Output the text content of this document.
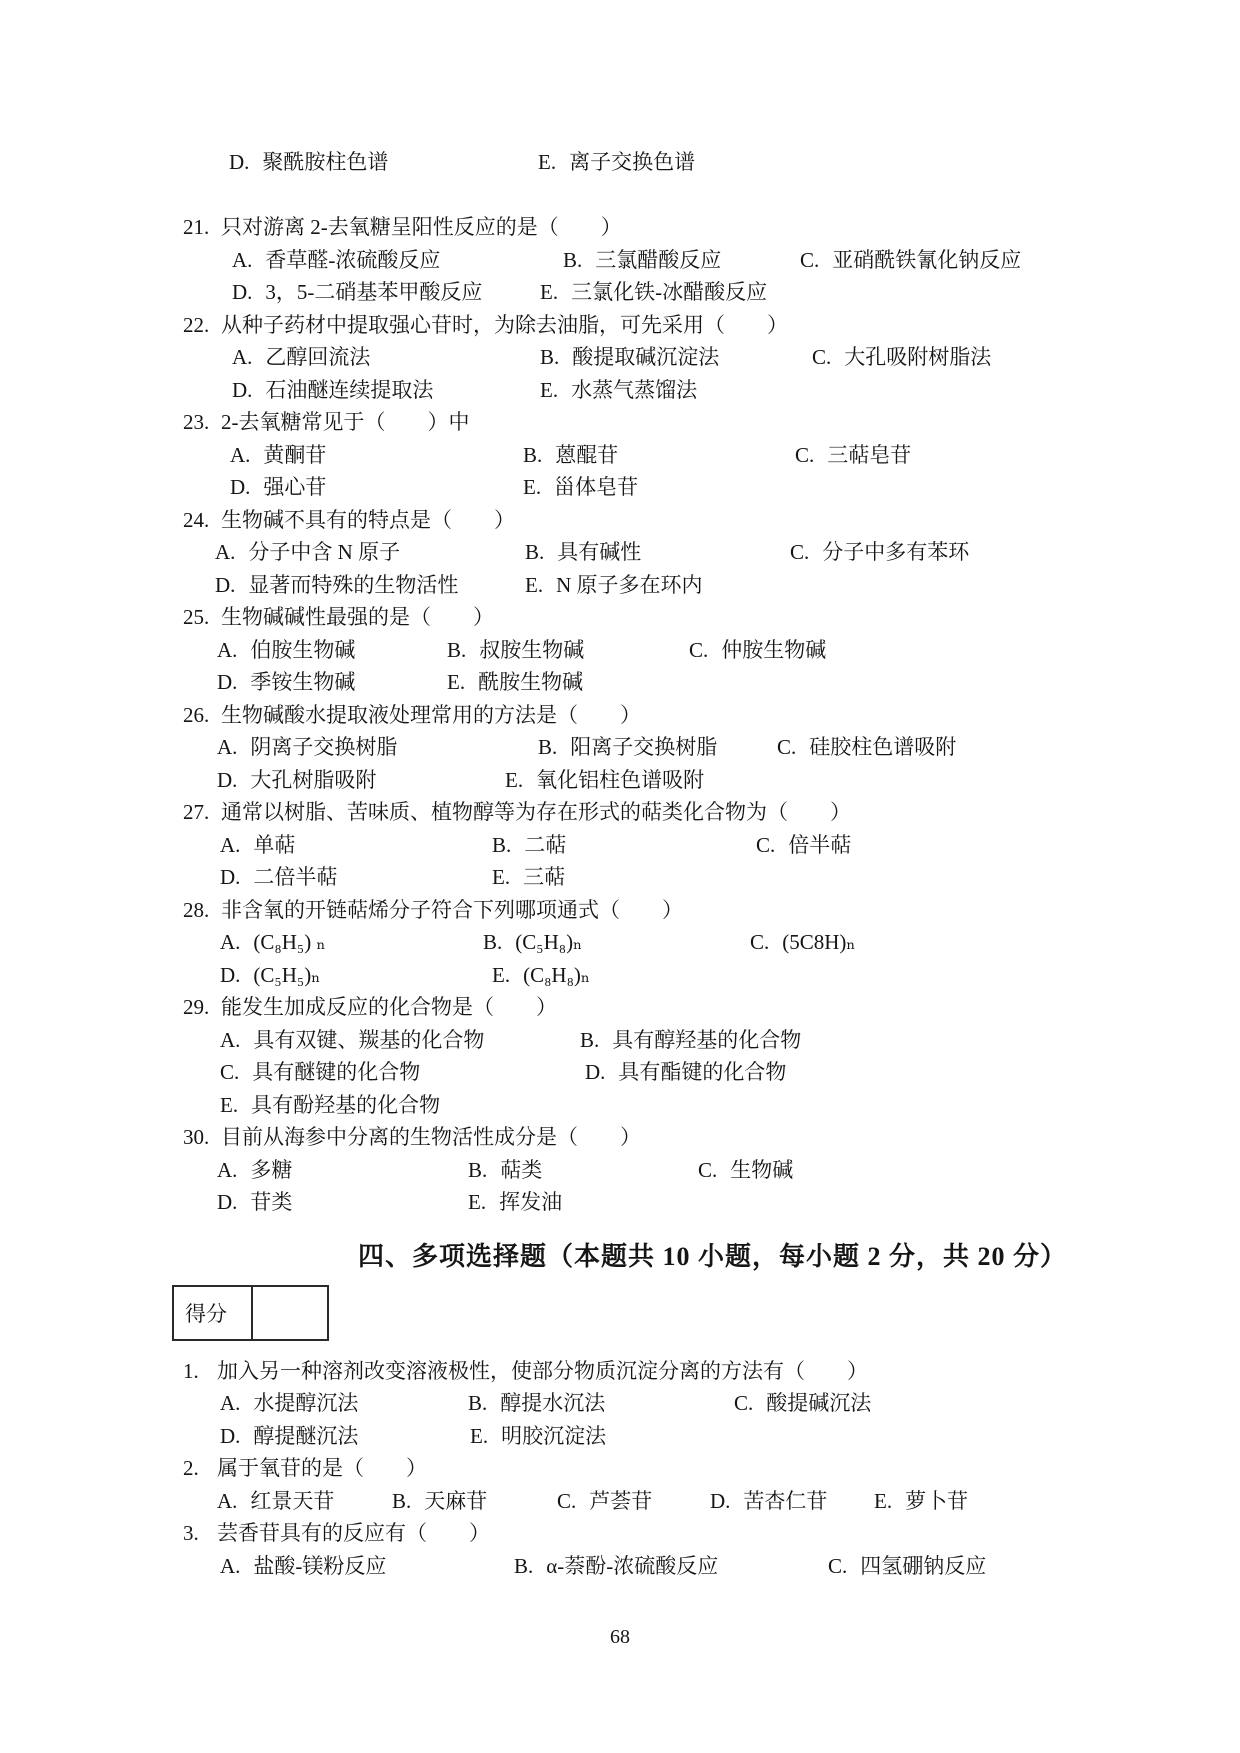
D. 聚酰胺柱色谱	E. 离子交换色谱
21. 只对游离 2-去氧糖呈阳性反应的是（　　）
A. 香草醛-浓硫酸反应	B. 三氯醋酸反应	C. 亚硝酰铁氰化钠反应
D. 3，5-二硝基苯甲酸反应	E. 三氯化铁-冰醋酸反应
22. 从种子药材中提取强心苷时，为除去油脂，可先采用（　　）
A. 乙醇回流法	B. 酸提取碱沉淀法	C. 大孔吸附树脂法
D. 石油醚连续提取法	E. 水蒸气蒸馏法
23. 2-去氧糖常见于（　　）中
A. 黄酮苷	B. 蒽醌苷	C. 三萜皂苷
D. 强心苷	E. 甾体皂苷
24. 生物碱不具有的特点是（　　）
A. 分子中含 N 原子	B. 具有碱性	C. 分子中多有苯环
D. 显著而特殊的生物活性	E. N 原子多在环内
25. 生物碱碱性最强的是（　　）
A. 伯胺生物碱	B. 叔胺生物碱	C. 仲胺生物碱
D. 季铵生物碱	E. 酰胺生物碱
26. 生物碱酸水提取液处理常用的方法是（　　）
A. 阴离子交换树脂	B. 阳离子交换树脂	C. 硅胶柱色谱吸附
D. 大孔树脂吸附	E. 氧化铝柱色谱吸附
27. 通常以树脂、苦味质、植物醇等为存在形式的萜类化合物为（　　）
A. 单萜	B. 二萜	C. 倍半萜
D. 二倍半萜	E. 三萜
28. 非含氧的开链萜烯分子符合下列哪项通式（　　）
A. (C₈H₅) ₙ	B. (C₅H₈)ₙ	C. (5C8H)ₙ
D. (C₅H₅)ₙ	E. (C₈H₈)ₙ
29. 能发生加成反应的化合物是（　　）
A. 具有双键、羰基的化合物	B. 具有醇羟基的化合物
C. 具有醚键的化合物	D. 具有酯键的化合物
E. 具有酚羟基的化合物
30. 目前从海参中分离的生物活性成分是（　　）
A. 多糖	B. 萜类	C. 生物碱
D. 苷类	E. 挥发油
四、多项选择题（本题共 10 小题，每小题 2 分，共 20 分）
得分
1. 加入另一种溶剂改变溶液极性，使部分物质沉淀分离的方法有（　　）
A. 水提醇沉法	B. 醇提水沉法	C. 酸提碱沉法
D. 醇提醚沉法	E. 明胶沉淀法
2. 属于氧苷的是（　　）
A. 红景天苷	B. 天麻苷	C. 芦荟苷	D. 苦杏仁苷 E. 萝卜苷
3. 芸香苷具有的反应有（　　）
A. 盐酸-镁粉反应	B. α-萘酚-浓硫酸反应	C. 四氢硼钠反应
68
